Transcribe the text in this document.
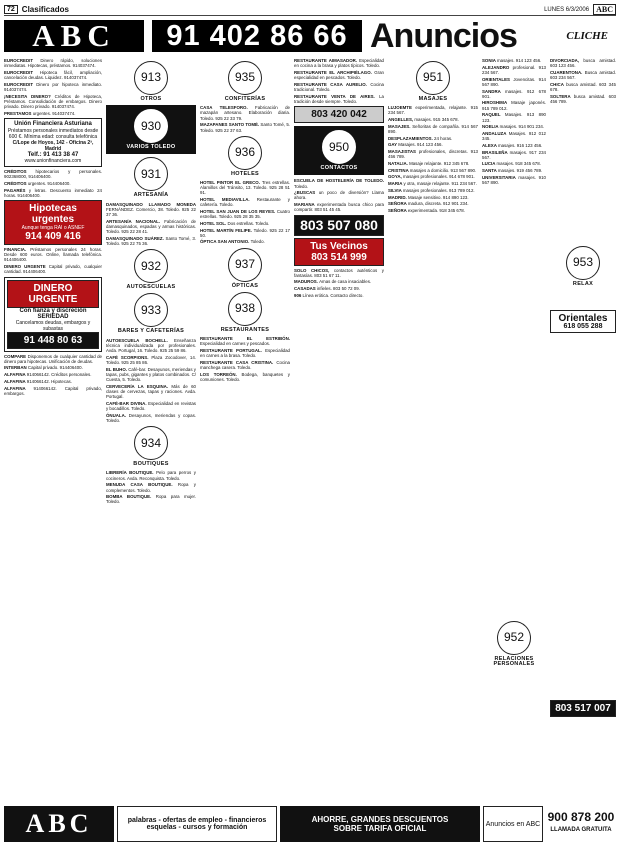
72 Clasificados	LUNES 6/3/2006 ABC
ABC	91 402 86 66 Anuncios	CLICHE

EUROCREDIT Dinero rápido, soluciones inmediatas. Hipotecas, préstamos. 914037474.

EUROCREDIT Hipoteca fácil, ampliación, cancelación deudas. Liquidez. 914037474.

EUROCREDIT Dinero por hipoteca inmediato. 914037474.

¡NECESITA DINERO? Créditos de Hipoteca, Préstamos. Consolidación de embargos. Dinero privado. Dinero privado. 914037474.

PRESTAMOS urgentes. 914037474.

Unión Financiera Asturiana
Préstamos personales inmediatos desde 600 €. Mínima edad: consulta telefónica
C/Lope de Hoyos, 142 - Oficina 2ª, Madrid
Telf.: 91 413 38 47
www.unionfinanciera.com

CRÉDITOS hipotecarios y personales. 902368000, 914406400.

CRÉDITOS urgentes. 914406400.

PAGARÉS y letras. Descuento inmediato 24 horas. 914406400.

Hipotecas urgentes
Aunque tenga RAI o ASNEF
914 409 416

FINANCIA. Préstamos personales 24 horas. Desde 600 euros. Online, llamada telefónica. 914406400.

DINERO URGENTE Capital privado, cualquier cantidad. 914406400.

DINERO URGENTE
Con fianza y discreción SERIEDAD
Cancelamos deudas, embargos y subastas
91 448 80 63

COMPARE Disponemos de cualquier cantidad de dinero para hipotecas. Unificación de deudas.

INTERBAN Capital privado. 914406400.

ALFAFINA 914066142. Créditos personales.

ALFAFINA 914066142. Hipotecas.

ALFAFINA 914066142. Capital privado, embargos.

913
OTROS
930
VARIOS TOLEDO
931
ARTESANÍA

DAMASQUINADO LLAMADO MONEDA FERNÁNDEZ. Comercio, 38. Toledo. 925 22 37 36.

ARTESANÍA NACIONAL. Fabricación de damasquinados, espadas y armas históricas. Toledo. 925 22 28 41.

DAMASQUINADO SUÁREZ. Santo Tomé, 3. Toledo. 925 22 75 36.

932
AUTOESCUELAS
933
BARES Y CAFETERÍAS

AUTOESCUELA BOCHELL. Enseñanza técnica individualizada por profesionales. Avda. Portugal, 16. Toledo. 925 25 59 86.

CAFÉ SCORPIONS. Plaza Zocodover, 14. Toledo. 925 25 85 86.

EL BUHO. Café-bar. Desayunos, meriendas y tapas, pubs, gigantes y platos combinados. C/ Cuesta, 5. Toledo.

CERVECERÍA LA ESQUINA. Más de 60 clases de cervezas, tapas y raciones. Avda. Portugal.

CAFÉ-BAR DIVINA. Especialidad en revistas y bocadillos. Toledo.

ÓNUALA. Desayunos, meriendas y copas. Toledo.

934
BOUTIQUES

LIBRERÍA BOUTIQUE. Pelo para perros y cocineros. Avda. Reconquista. Toledo.

MENUDA CASA BOUTIQUE. Ropa y complementos. Toledo.

BOMBA BOUTIQUE. Ropa para mujer. Toledo.

935
CONFITERÍAS

CASA TELESFORO. Fabricación de mazapán artesano. Elaboración diaria. Toledo. 925 22 33 79.

MAZAPANES SANTO TOMÉ. Santo Tomé, 5. Toledo. 925 22 37 63.

936
HOTELES

HOTEL PINTOR EL GRECO. Tres estrellas. Alamillos del Tránsito, 13. Toledo. 925 28 51 91.

HOTEL MEDIAVILLA. Restaurante y cafetería. Toledo.

HOTEL SAN JUAN DE LOS REYES. Cuatro estrellas. Toledo. 925 28 35 35.

HOTEL SOL. Dos estrellas. Toledo.

HOTEL MARTÍN FELIPE. Toledo. 925 22 17 50.

ÓPTICA SAN ANTONIO. Toledo.

937
ÓPTICAS
938
RESTAURANTES

RESTAURANTE EL ESTRIBÓN. Especialidad en carnes y pescados.

RESTAURANTE PORTUGAL. Especialidad en carnes a la brasa. Toledo.

RESTAURANTE CASA CRISTINA. Cocina manchega casera. Toledo.

LOS TORREÓN. Bodega, banquetes y comuniones. Toledo.

RESTAURANTE AIMASADOR. Especialidad en cocina a la brasa y platos típicos. Toledo.

RESTAURANTE EL ARCHIPIÉLAGO. Gran especialidad en pescados. Toledo.

RESTAURANTE CASA AURELIO. Cocina tradicional. Toledo.

RESTAURANTE VENTA DE AIRES. La tradición desde siempre. Toledo.

803 420 042
950
CONTACTOS

ESCUELA DE HOSTELERÍA DE TOLEDO. Toledo.

¿BUSCAS un poco de diversión? Llama ahora.

MARIANA experimentada busca chico para compartir. 803 51 45 45.

803 507 080
Tus Vecinos
803 514 999

SOLO CHICOS, contactos auténticos y fantasías. 803 51 67 11.

MADUROS. Amas de casa insaciables.

CASADAS infieles. 803 50 72 09.

906 Línea erótica. Contacto directo.

951
MASAJES

LUJOEMTE experimentada, relajante. 915 234 567.

ANGELLES, masajes. 915 345 678.

MASAJES. Señoritas de compañía. 914 567 890.

DESPLAZAMIENTOS. 24 horas.

GAY Masajes. 914 123 456.

MASAJISTAS profesionales, discretas. 913 456 789.

NATALIA. Masaje relajante. 912 345 678.

CRISTINA masajes a domicilio. 913 567 890.

GOYA, masajes profesionales. 914 678 901.

MARIA y otra, masaje relajante. 911 234 567.

SILVIA masajes profesionales. 913 789 012.

MADRID. Masaje sensitivo. 914 890 123.

SEÑORA madura, discreta. 912 901 234.

SEÑORA experimentada. 918 345 678.

SONIA masajes. 914 123 456.

ALEJANDRO profesional. 913 234 567.

ORIENTALES Jovencitas. 914 567 890.

SANDRA masajes. 912 678 901.

HIROSHIMA Masaje japonés. 915 789 012.

RAQUEL Masajes. 913 890 123.

NOELIA masajes. 914 901 234.

ANDALUZA Masajes. 912 012 345.

ALEXA masajes. 916 123 456.

BRASILEÑA masajes. 917 234 567.

LUCIA masajes. 918 345 678.

SANTA masajes. 919 456 789.

UNIVERSITARIA masajes. 910 567 890.

DIVORCIADA, busca amistad. 603 123 456.

CUARENTONA. Busca amistad. 603 234 567.

CHICA busca amistad. 603 345 678.

SOLTERA busca amistad. 603 456 789.

Orientales
618 055 288
952
RELACIONES PERSONALES
953
RELAX
803 517 007
ABC	palabras - ofertas de empleo - financieros
esquelas - cursos y formación
AHORRE, GRANDES DESCUENTOS
SOBRE TARIFA OFICIAL	Anuncios en ABC 900 878 200
LLAMADA GRATUITA
